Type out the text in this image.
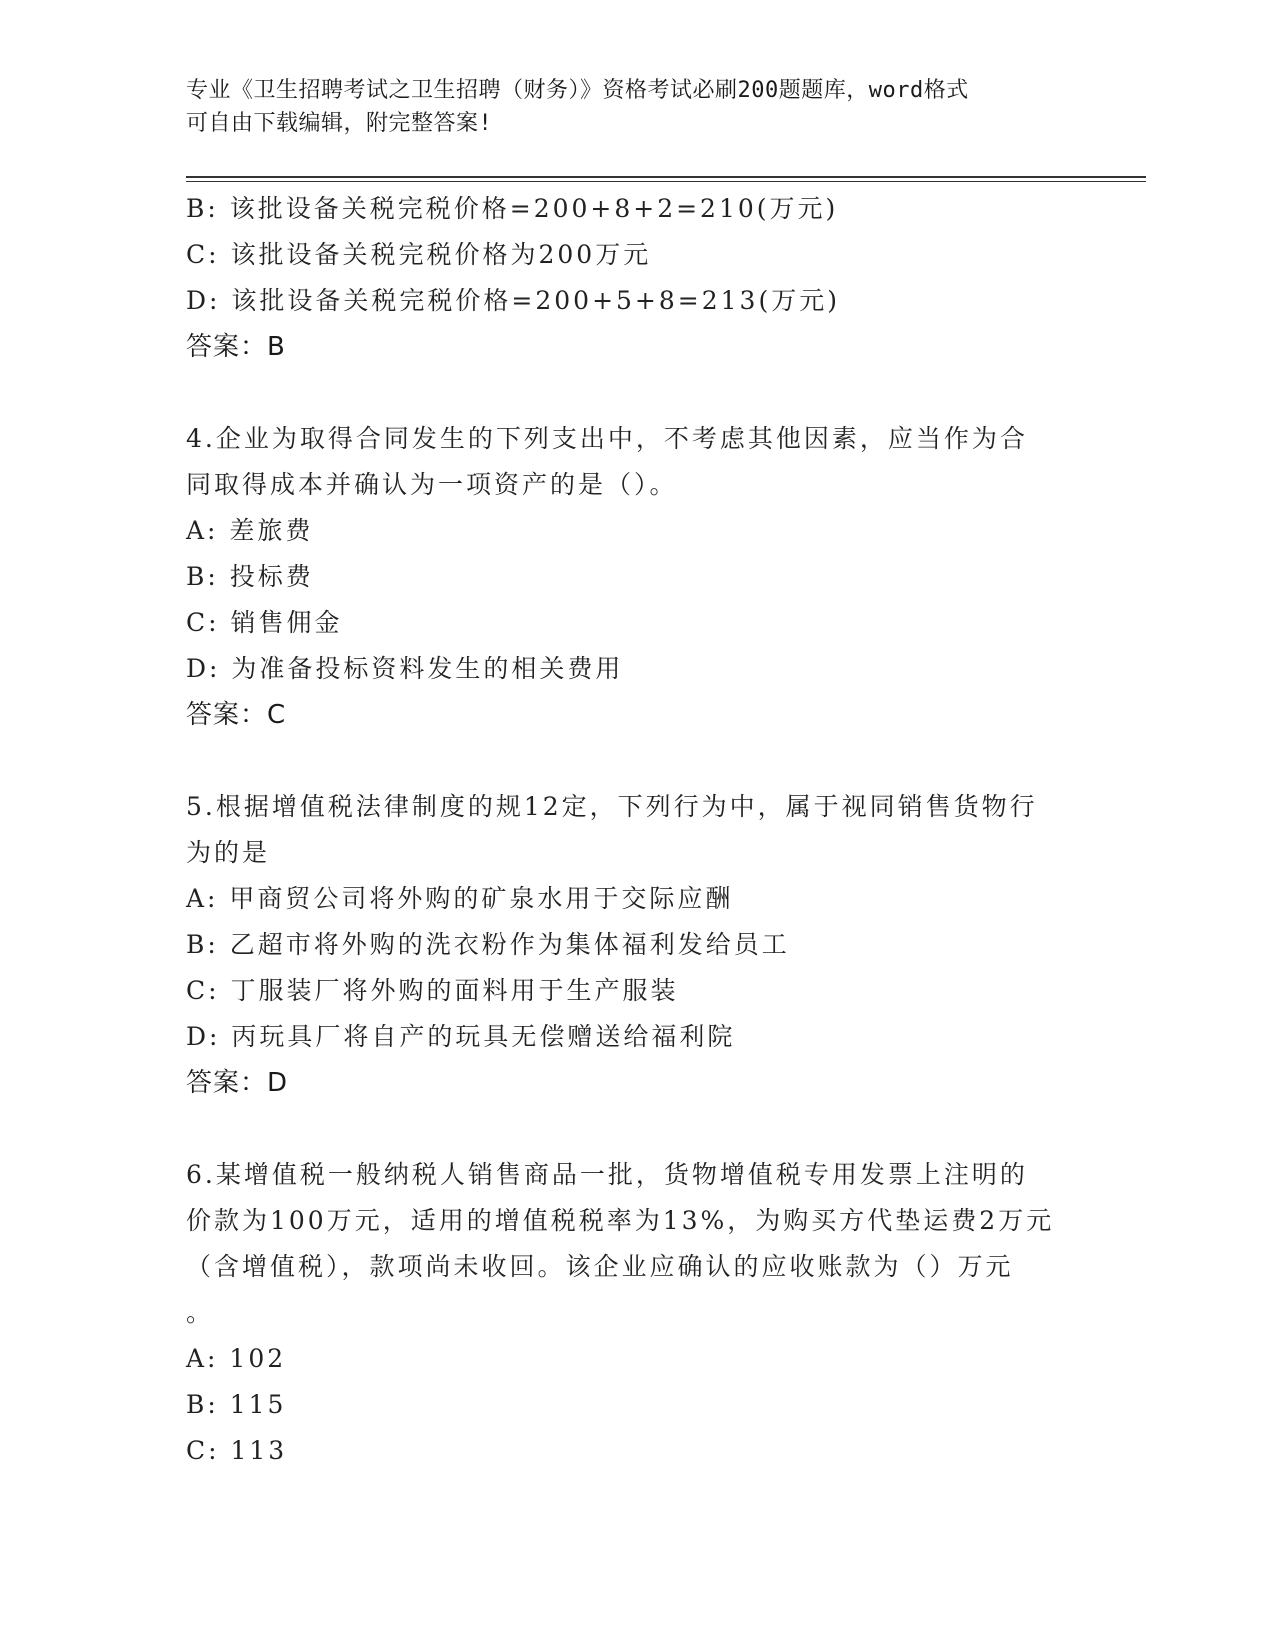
专业《卫生招聘考试之卫生招聘（财务）》资格考试必刷200题题库，word格式
可自由下载编辑，附完整答案!
B: 该批设备关税完税价格=200+8+2=210(万元)
C: 该批设备关税完税价格为200万元
D: 该批设备关税完税价格=200+5+8=213(万元)
答案：B
4.企业为取得合同发生的下列支出中，不考虑其他因素，应当作为合
同取得成本并确认为一项资产的是（）。
A: 差旅费
B: 投标费
C: 销售佣金
D: 为准备投标资料发生的相关费用
答案：C
5.根据增值税法律制度的规12定，下列行为中，属于视同销售货物行
为的是
A: 甲商贸公司将外购的矿泉水用于交际应酬
B: 乙超市将外购的洗衣粉作为集体福利发给员工
C: 丁服装厂将外购的面料用于生产服装
D: 丙玩具厂将自产的玩具无偿赠送给福利院
答案：D
6.某增值税一般纳税人销售商品一批，货物增值税专用发票上注明的
价款为100万元，适用的增值税税率为13%，为购买方代垫运费2万元
（含增值税），款项尚未收回。该企业应确认的应收账款为（）万元
。
A: 102
B: 115
C: 113
